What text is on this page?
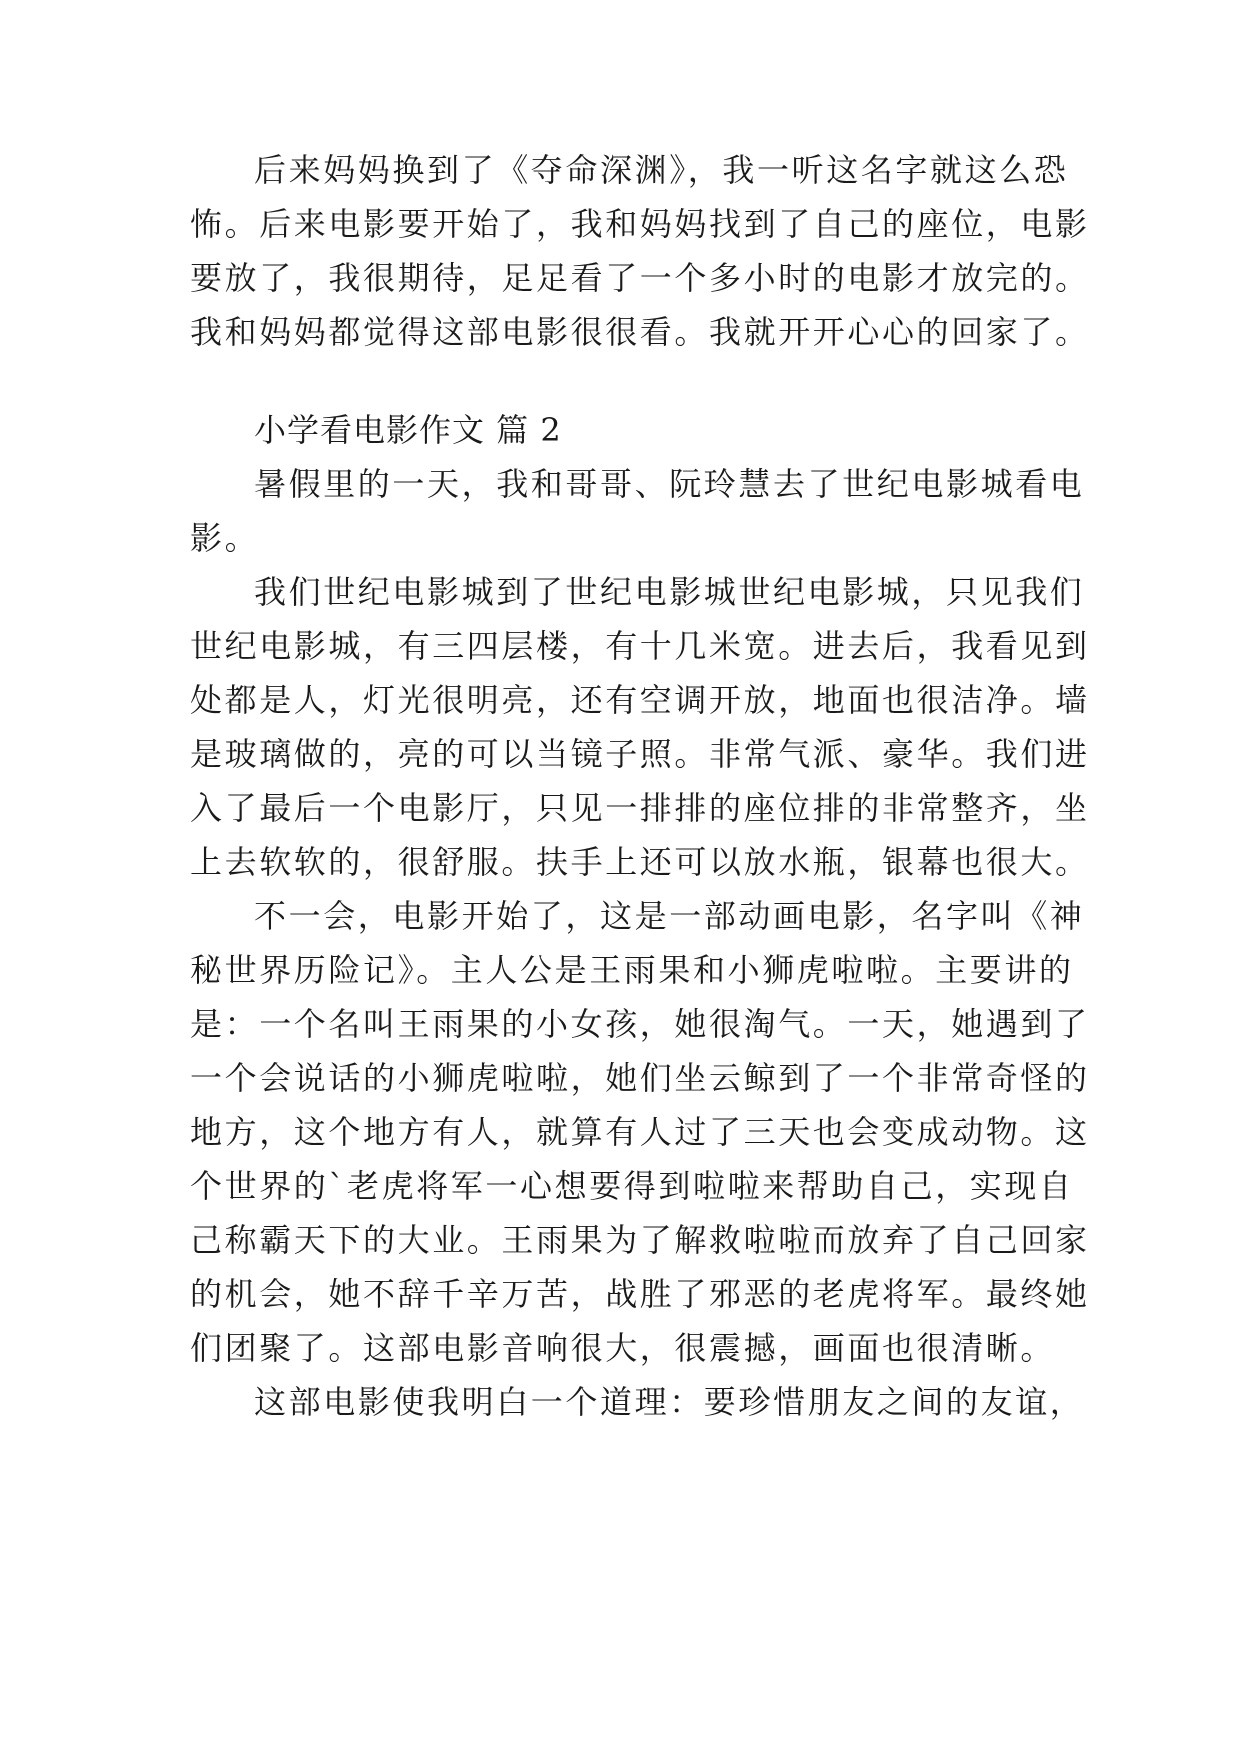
后来妈妈换到了《夺命深渊》，我一听这名字就这么恐

怖。后来电影要开始了，我和妈妈找到了自己的座位，电影

要放了，我很期待，足足看了一个多小时的电影才放完的。

我和妈妈都觉得这部电影很很看。我就开开心心的回家了。

小学看电影作文 篇 2

暑假里的一天，我和哥哥、阮玲慧去了世纪电影城看电

影。

我们世纪电影城到了世纪电影城世纪电影城，只见我们

世纪电影城，有三四层楼，有十几米宽。进去后，我看见到

处都是人，灯光很明亮，还有空调开放，地面也很洁净。墙

是玻璃做的，亮的可以当镜子照。非常气派、豪华。我们进

入了最后一个电影厅，只见一排排的座位排的非常整齐，坐

上去软软的，很舒服。扶手上还可以放水瓶，银幕也很大。

不一会，电影开始了，这是一部动画电影，名字叫《神

秘世界历险记》。主人公是王雨果和小狮虎啦啦。主要讲的

是：一个名叫王雨果的小女孩，她很淘气。一天，她遇到了

一个会说话的小狮虎啦啦，她们坐云鲸到了一个非常奇怪的

地方，这个地方有人，就算有人过了三天也会变成动物。这

个世界的`老虎将军一心想要得到啦啦来帮助自己，实现自

己称霸天下的大业。王雨果为了解救啦啦而放弃了自己回家

的机会，她不辞千辛万苦，战胜了邪恶的老虎将军。最终她

们团聚了。这部电影音响很大，很震撼，画面也很清晰。

这部电影使我明白一个道理：要珍惜朋友之间的友谊，
